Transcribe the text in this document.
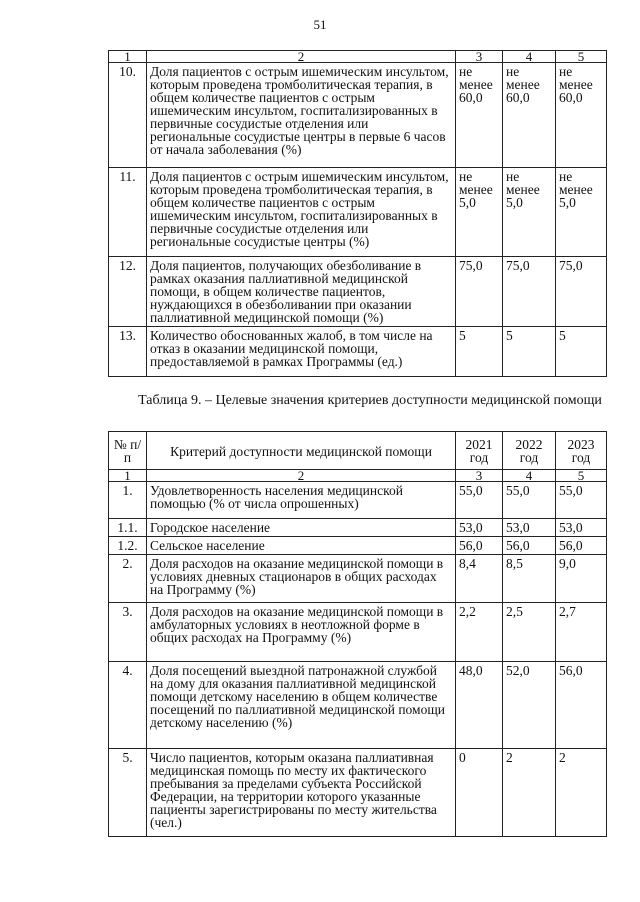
51
1	2	3	4	5
10.	Доля пациентов с острым ишемическим инсультом, которым проведена тромболитическая терапия, в общем количестве пациентов с острым ишемическим инсультом, госпитализированных в первичные сосудистые отделения или региональные сосудистые центры в первые 6 часов от начала заболевания (%)	не менее 60,0	не менее 60,0	не менее 60,0
11.	Доля пациентов с острым ишемическим инсультом, которым проведена тромболитическая терапия, в общем количестве пациентов с острым ишемическим инсультом, госпитализированных в первичные сосудистые отделения или региональные сосудистые центры (%)	не менее 5,0	не менее 5,0	не менее 5,0
12.	Доля пациентов, получающих обезболивание в рамках оказания паллиативной медицинской помощи, в общем количестве пациентов, нуждающихся в обезболивании при оказании паллиативной медицинской помощи (%)	75,0	75,0	75,0
13.	Количество обоснованных жалоб, в том числе на отказ в оказании медицинской помощи, предоставляемой в рамках Программы (ед.)	5	5	5
Таблица 9. – Целевые значения критериев доступности медицинской помощи
№ п/п	Критерий доступности медицинской помощи	2021 год	2022 год	2023 год
1	2	3	4	5
1.	Удовлетворенность населения медицинской помощью (% от числа опрошенных)	55,0	55,0	55,0
1.1.	Городское население	53,0	53,0	53,0
1.2.	Сельское население	56,0	56,0	56,0
2.	Доля расходов на оказание медицинской помощи в условиях дневных стационаров в общих расходах на Программу (%)	8,4	8,5	9,0
3.	Доля расходов на оказание медицинской помощи в амбулаторных условиях в неотложной форме в общих расходах на Программу (%)	2,2	2,5	2,7
4.	Доля посещений выездной патронажной службой на дому для оказания паллиативной медицинской помощи детскому населению в общем количестве посещений по паллиативной медицинской помощи детскому населению (%)	48,0	52,0	56,0
5.	Число пациентов, которым оказана паллиативная медицинская помощь по месту их фактического пребывания за пределами субъекта Российской Федерации, на территории которого указанные пациенты зарегистрированы по месту жительства (чел.)	0	2	2
